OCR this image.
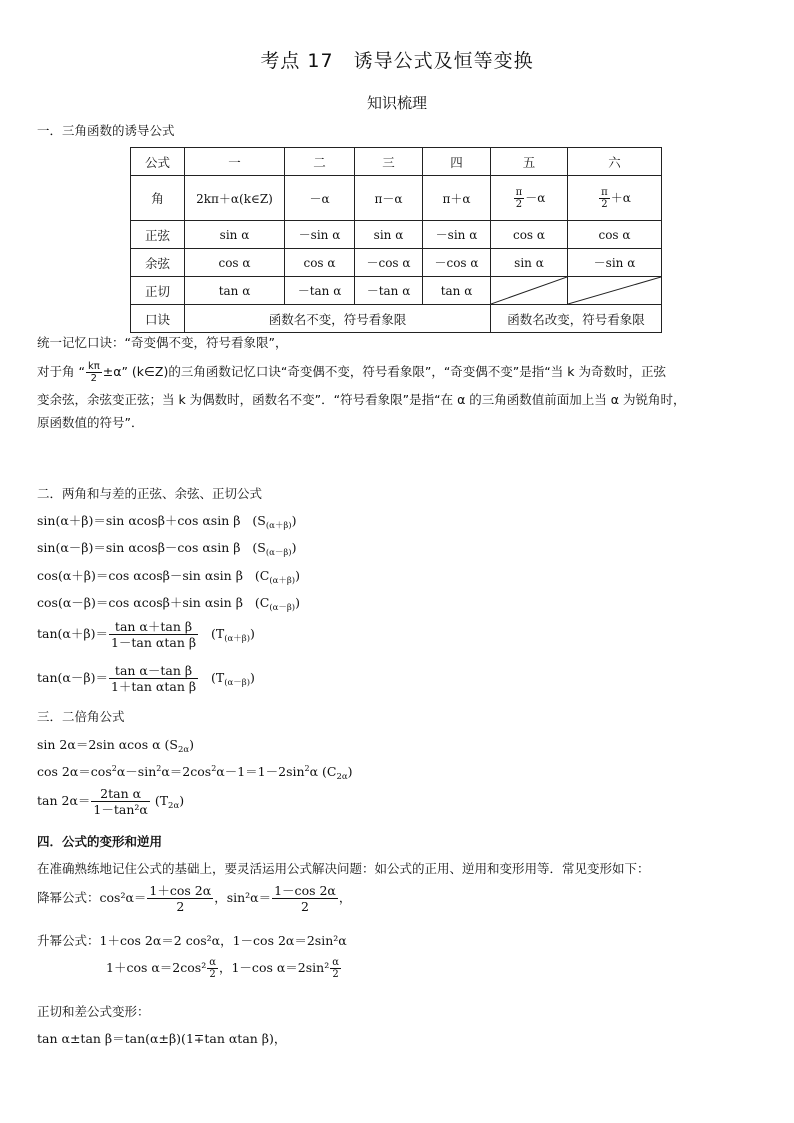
考点 17　诱导公式及恒等变换
知识梳理
一．三角函数的诱导公式
公式	一	二	三	四	五	六
角	2kπ＋α(k∈Z)	－α	π－α	π＋α	$\frac{\pi}{2} -\alpha$	$\frac{\pi}{2} +\alpha$
正弦	sin α	－sin α	sin α	－sin α	cos α	cos α
余弦	cos α	cos α	－cos α	－cos α	sin α	－sin α
正切	tan α	－tan α	－tan α	tan α	

口诀	函数名不变，符号看象限				函数名改变，符号看象限	
统一记忆口诀：“奇变偶不变，符号看象限”，
对于角 “ $\frac{k\pi}{2} \pm\alpha$” (k∈Z)的三角函数记忆口诀“奇变偶不变，符号看象限”，“奇变偶不变”是指“当 k 为奇数时，正弦
变余弦，余弦变正弦；当 k 为偶数时，函数名不变”．“符号看象限”是指“在 α 的三角函数值前面加上当 α 为锐角时，
原函数值的符号”．
二．两角和与差的正弦、余弦、正切公式
sin(α＋β)＝sin αcosβ＋cos αsin β $(S_{(\alpha+\beta)})$
sin(α－β)＝sin αcosβ－cos αsin β $(S_{(\alpha-\beta)})$
cos(α＋β)＝cos αcosβ－sin αsin β $(C_{(\alpha+\beta)})$
cos(α－β)＝cos αcosβ＋sin αsin β $(C_{(\alpha-\beta)})$
$\tan(\alpha+\beta)= \frac{\text{tan α＋tan β}}{\text{1－tan αtan β}} (T_{(\alpha+\beta)})$
$\tan(\alpha-\beta)= \frac{\text{tan α－tan β}}{\text{1＋tan αtan β}} (T_{(\alpha-\beta)})$
三．二倍角公式
sin 2α＝2sin αcos α $(S_{2\alpha})$
$\cos 2\alpha=\cos^2\alpha-\sin^2\alpha=2\cos^2\alpha-1=1-2\sin^2\alpha$ $(C_{2\alpha})$
$\tan 2\alpha= \frac{\text{2tan α}}{\text{1－tan²α}} (T_{2\alpha})$
四．公式的变形和逆用
在准确熟练地记住公式的基础上，要灵活运用公式解决问题：如公式的正用、逆用和变形用等．常见变形如下：
降幂公式：$\cos^2\alpha= \frac{1+\cos 2\alpha}{2}$ ，$\sin^2\alpha= \frac{1-\cos 2\alpha}{2}$ ，
升幂公式：1＋cos 2α＝2 cos²α，1－cos 2α＝2sin²α
1＋cos $\alpha=2\cos^2 \frac{\alpha}{2}$ ，1－cos $\alpha=2\sin^2 \frac{\alpha}{2}$
正切和差公式变形：
tan α±tan β＝tan(α±β)(1∓tan αtan β)，
